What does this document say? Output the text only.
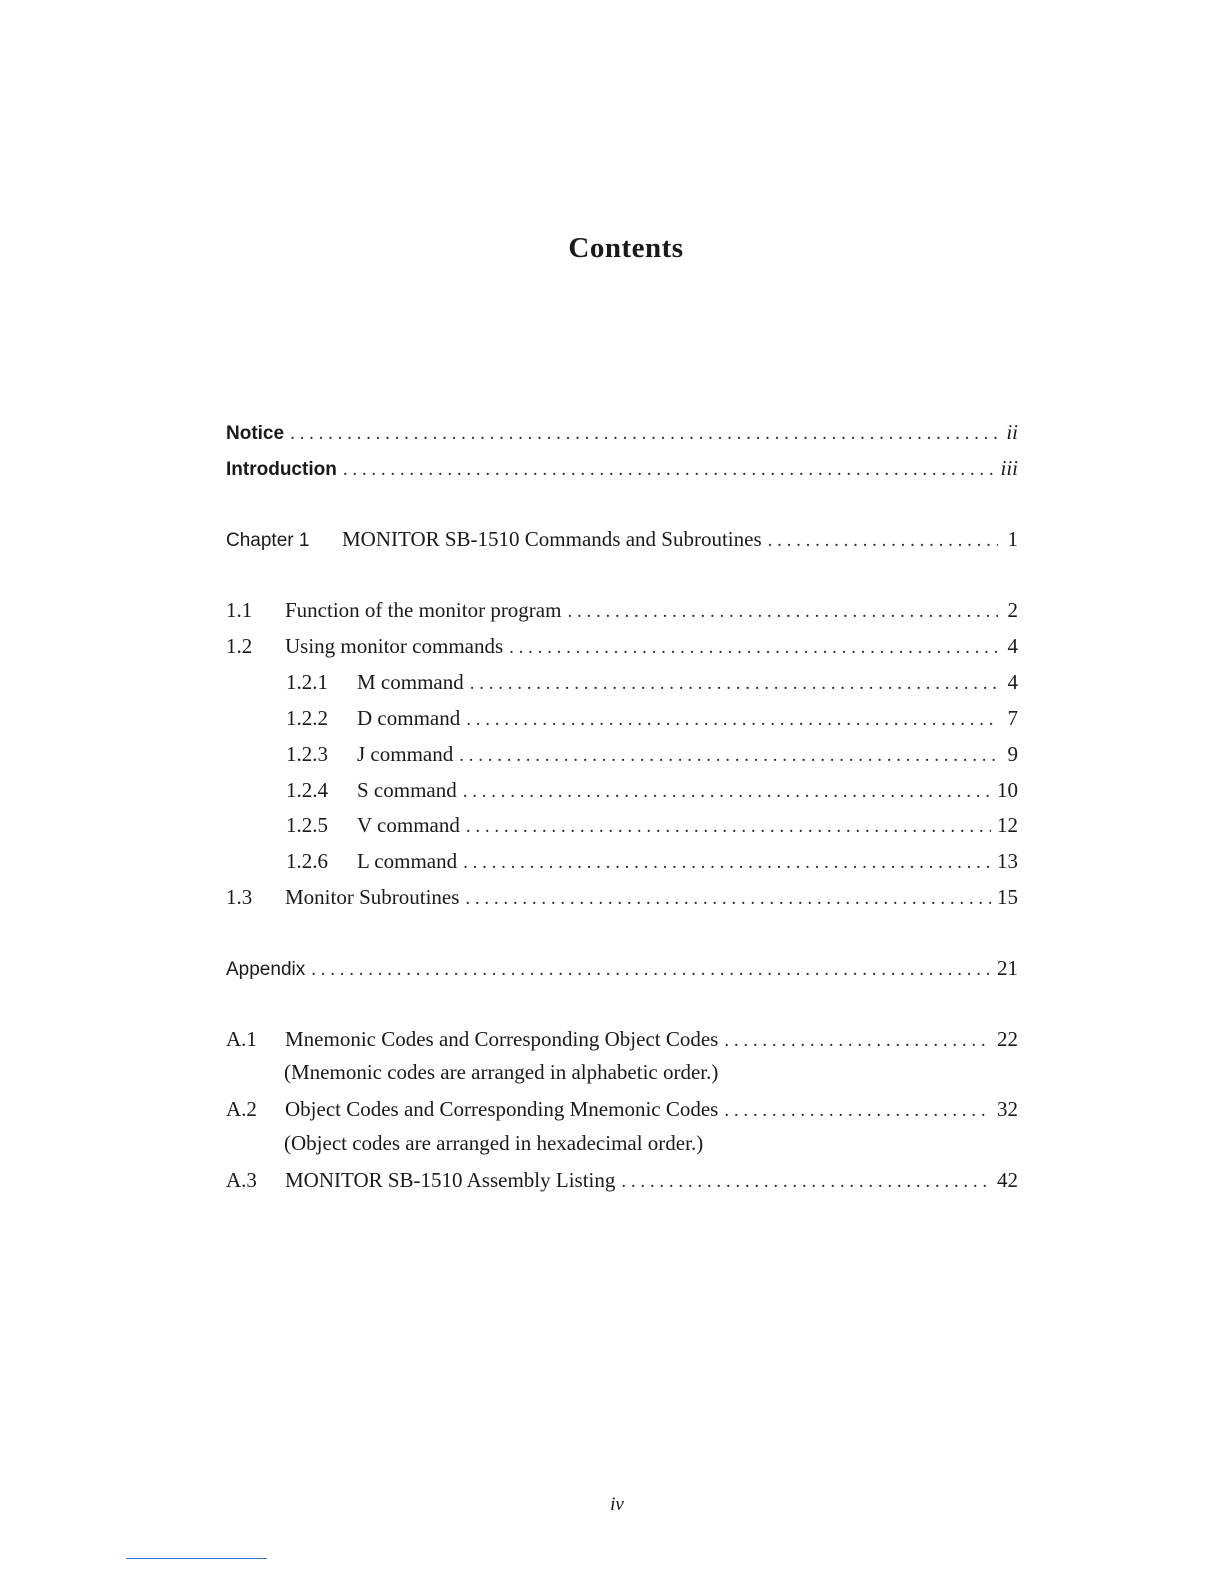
Contents
Notice . . .	ii
Introduction . . .	iii
Chapter 1	MONITOR SB-1510 Commands and Subroutines . . .	1
1.1	Function of the monitor program . . .	2
1.2	Using monitor commands . . .	4
1.2.1	M command . . .	4
1.2.2	D command . . .	7
1.2.3	J command . . .	9
1.2.4	S command . . .	10
1.2.5	V command . . .	12
1.2.6	L command . . .	13
1.3	Monitor Subroutines . . .	15
Appendix . . .	21
A.1	Mnemonic Codes and Corresponding Object Codes . . .	22
(Mnemonic codes are arranged in alphabetic order.)
A.2	Object Codes and Corresponding Mnemonic Codes . . .	32
(Object codes are arranged in hexadecimal order.)
A.3	MONITOR SB-1510 Assembly Listing . . .	42
iv
